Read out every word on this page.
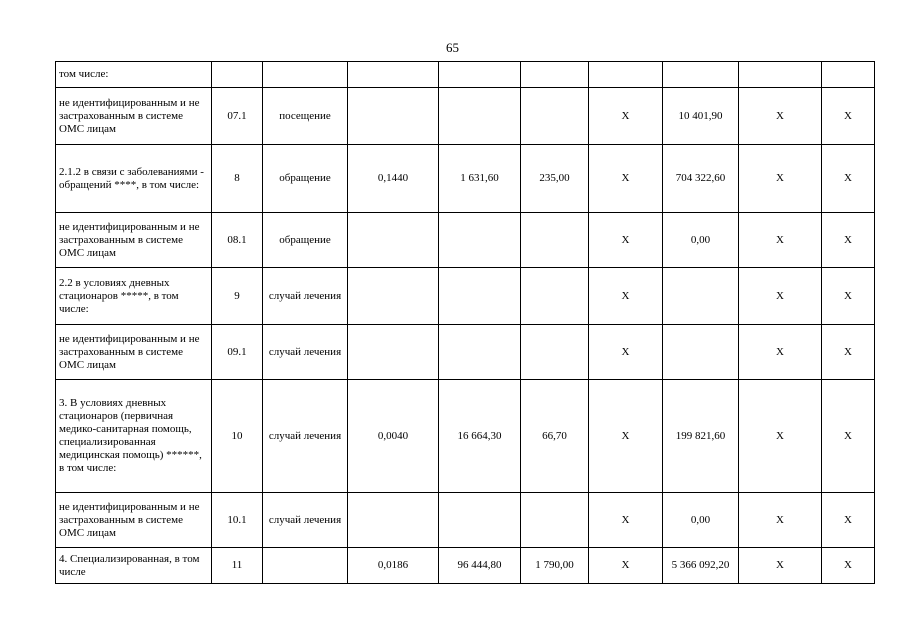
65
том числе:									
не идентифицированным и не застрахованным в системе ОМС лицам	07.1	посещение				Х	10 401,90	Х	Х
2.1.2 в связи с заболеваниями - обращений ****, в том числе:	8	обращение	0,1440	1 631,60	235,00	Х	704 322,60	Х	Х
не идентифицированным и не застрахованным в системе ОМС лицам	08.1	обращение				Х	0,00	Х	Х
2.2 в условиях дневных стационаров *****, в том числе:	9	случай лечения				Х		Х	Х
не идентифицированным и не застрахованным в системе ОМС лицам	09.1	случай лечения				Х		Х	Х
3. В условиях дневных стационаров (первичная медико-санитарная помощь, специализированная медицинская помощь) ******, в том числе:	10	случай лечения	0,0040	16 664,30	66,70	Х	199 821,60	Х	Х
не идентифицированным и не застрахованным в системе ОМС лицам	10.1	случай лечения				Х	0,00	Х	Х
4. Специализированная, в том числе	11		0,0186	96 444,80	1 790,00	Х	5 366 092,20	Х	Х
